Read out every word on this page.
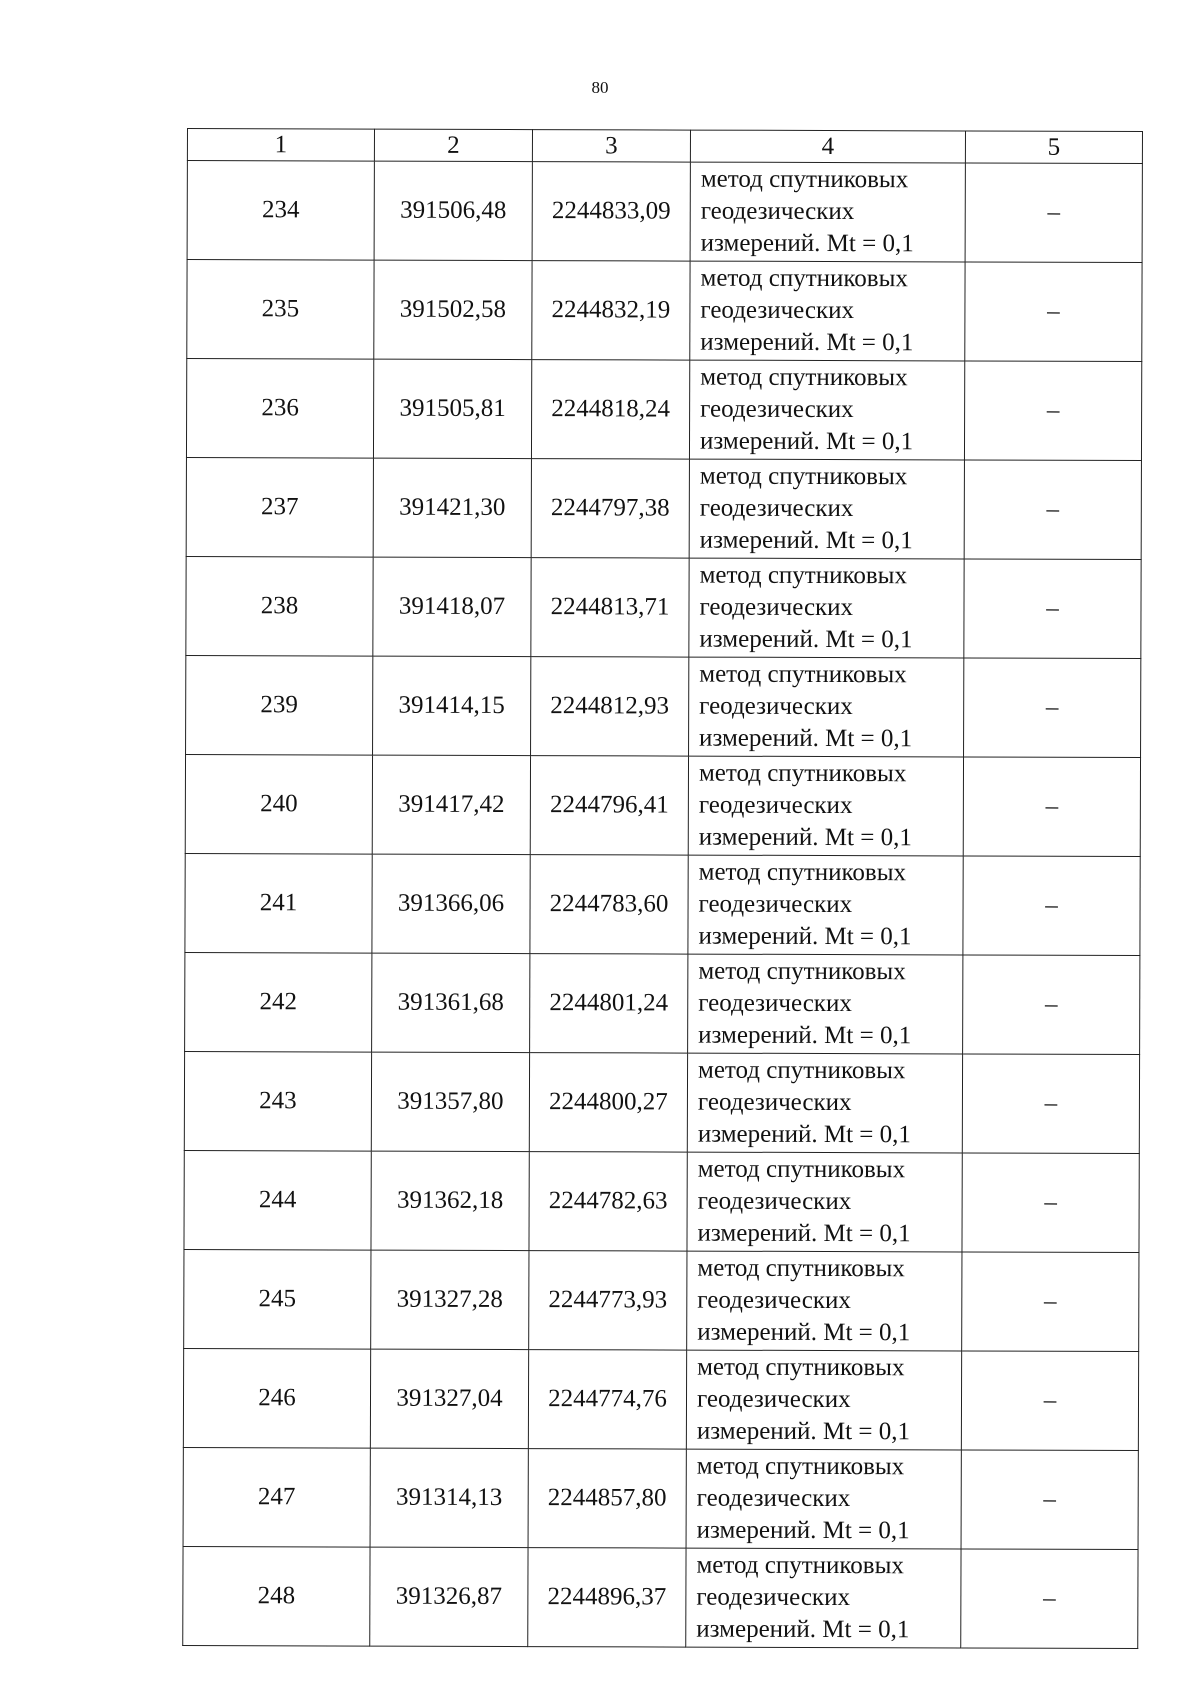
80
1	2	3	4	5
234	391506,48	2244833,09	метод спутниковых
геодезических
измерений. Mt = 0,1	–
235	391502,58	2244832,19	метод спутниковых
геодезических
измерений. Mt = 0,1	–
236	391505,81	2244818,24	метод спутниковых
геодезических
измерений. Mt = 0,1	–
237	391421,30	2244797,38	метод спутниковых
геодезических
измерений. Mt = 0,1	–
238	391418,07	2244813,71	метод спутниковых
геодезических
измерений. Mt = 0,1	–
239	391414,15	2244812,93	метод спутниковых
геодезических
измерений. Mt = 0,1	–
240	391417,42	2244796,41	метод спутниковых
геодезических
измерений. Mt = 0,1	–
241	391366,06	2244783,60	метод спутниковых
геодезических
измерений. Mt = 0,1	–
242	391361,68	2244801,24	метод спутниковых
геодезических
измерений. Mt = 0,1	–
243	391357,80	2244800,27	метод спутниковых
геодезических
измерений. Mt = 0,1	–
244	391362,18	2244782,63	метод спутниковых
геодезических
измерений. Mt = 0,1	–
245	391327,28	2244773,93	метод спутниковых
геодезических
измерений. Mt = 0,1	–
246	391327,04	2244774,76	метод спутниковых
геодезических
измерений. Mt = 0,1	–
247	391314,13	2244857,80	метод спутниковых
геодезических
измерений. Mt = 0,1	–
248	391326,87	2244896,37	метод спутниковых
геодезических
измерений. Mt = 0,1	–
